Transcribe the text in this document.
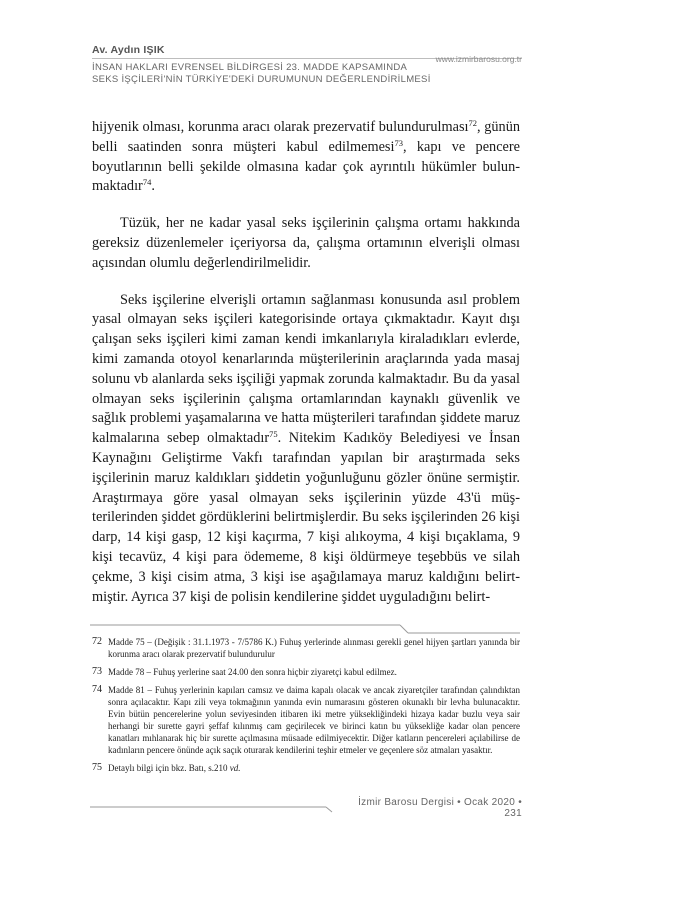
Av. Aydın IŞIK
www.izmirbarosu.org.tr
İNSAN HAKLARI EVRENSEL BİLDİRGESİ 23. MADDE KAPSAMINDA
SEKS İŞÇİLERİ'NİN TÜRKİYE'DEKİ DURUMUNUN DEĞERLENDİRİLMESİ

hijyenik olması, korunma aracı olarak prezervatif bulundurulması$^{72}$, günün belli saatinden sonra müşteri kabul edilmemesi$^{73}$, kapı ve pencere boyutlarının belli şekilde olmasına kadar çok ayrıntılı hükümler bulunmaktadır$^{74}$.

Tüzük, her ne kadar yasal seks işçilerinin çalışma ortamı hakkında gereksiz düzenlemeler içeriyorsa da, çalışma ortamının elverişli olması açısından olumlu değerlendirilmelidir.

Seks işçilerine elverişli ortamın sağlanması konusunda asıl problem yasal olmayan seks işçileri kategorisinde ortaya çıkmaktadır. Kayıt dışı çalışan seks işçileri kimi zaman kendi imkanlarıyla kiraladıkları evlerde, kimi zamanda otoyol kenarlarında müşterilerinin araçlarında yada masaj solunu vb alanlarda seks işçiliği yapmak zorunda kalmaktadır. Bu da yasal olmayan seks işçilerinin çalışma ortamlarından kaynaklı güvenlik ve sağlık problemi yaşamalarına ve hatta müşterileri tarafından şiddete maruz kalmalarına sebep olmaktadır$^{75}$. Nitekim Kadıköy Belediyesi ve İnsan Kaynağını Geliştirme Vakfı tarafından yapılan bir araştırmada seks işçilerinin maruz kaldıkları şiddetin yoğunluğunu gözler önüne sermiştir. Araştırmaya göre yasal olmayan seks işçilerinin yüzde 43'ü müşterilerinden şiddet gördüklerini belirtmişlerdir. Bu seks işçilerinden 26 kişi darp, 14 kişi gasp, 12 kişi kaçırma, 7 kişi alıkoyma, 4 kişi bıçaklama, 9 kişi tecavüz, 4 kişi para ödememe, 8 kişi öldürmeye teşebbüs ve silah çekme, 3 kişi cisim atma, 3 kişi ise aşağılamaya maruz kaldığını belirtmiştir. Ayrıca 37 kişi de polisin kendilerine şiddet uyguladığını belirt-

72 Madde 75 – (Değişik : 31.1.1973 - 7/5786 K.) Fuhuş yerlerinde alınması gerekli genel hijyen şartları yanında bir korunma aracı olarak prezervatif bulundurulur
73 Madde 78 – Fuhuş yerlerine saat 24.00 den sonra hiçbir ziyaretçi kabul edilmez.
74 Madde 81 – Fuhuş yerlerinin kapıları camsız ve daima kapalı olacak ve ancak ziyaretçiler tarafından çalındıktan sonra açılacaktır. Kapı zili veya tokmağının yanında evin numarasını gösteren okunaklı bir levha bulunacaktır. Evin bütün pencerelerine yolun seviyesinden itibaren iki metre yüksekliğindeki hizaya kadar buzlu veya sair herhangi bir surette gayri şeffaf kılınmış cam geçirilecek ve birinci katın bu yüksekliğe kadar olan pencere kanatları mıhlanarak hiç bir surette açılmasına müsaade edilmiyecektir. Diğer katların pencereleri açılabilirse de kadınların pencere önünde açık saçık oturarak kendilerini teşhir etmeler ve geçenlere söz atmaları yasaktır.
75 Detaylı bilgi için bkz. Batı, s.210 vd.
İzmir Barosu Dergisi • Ocak 2020 • 231
